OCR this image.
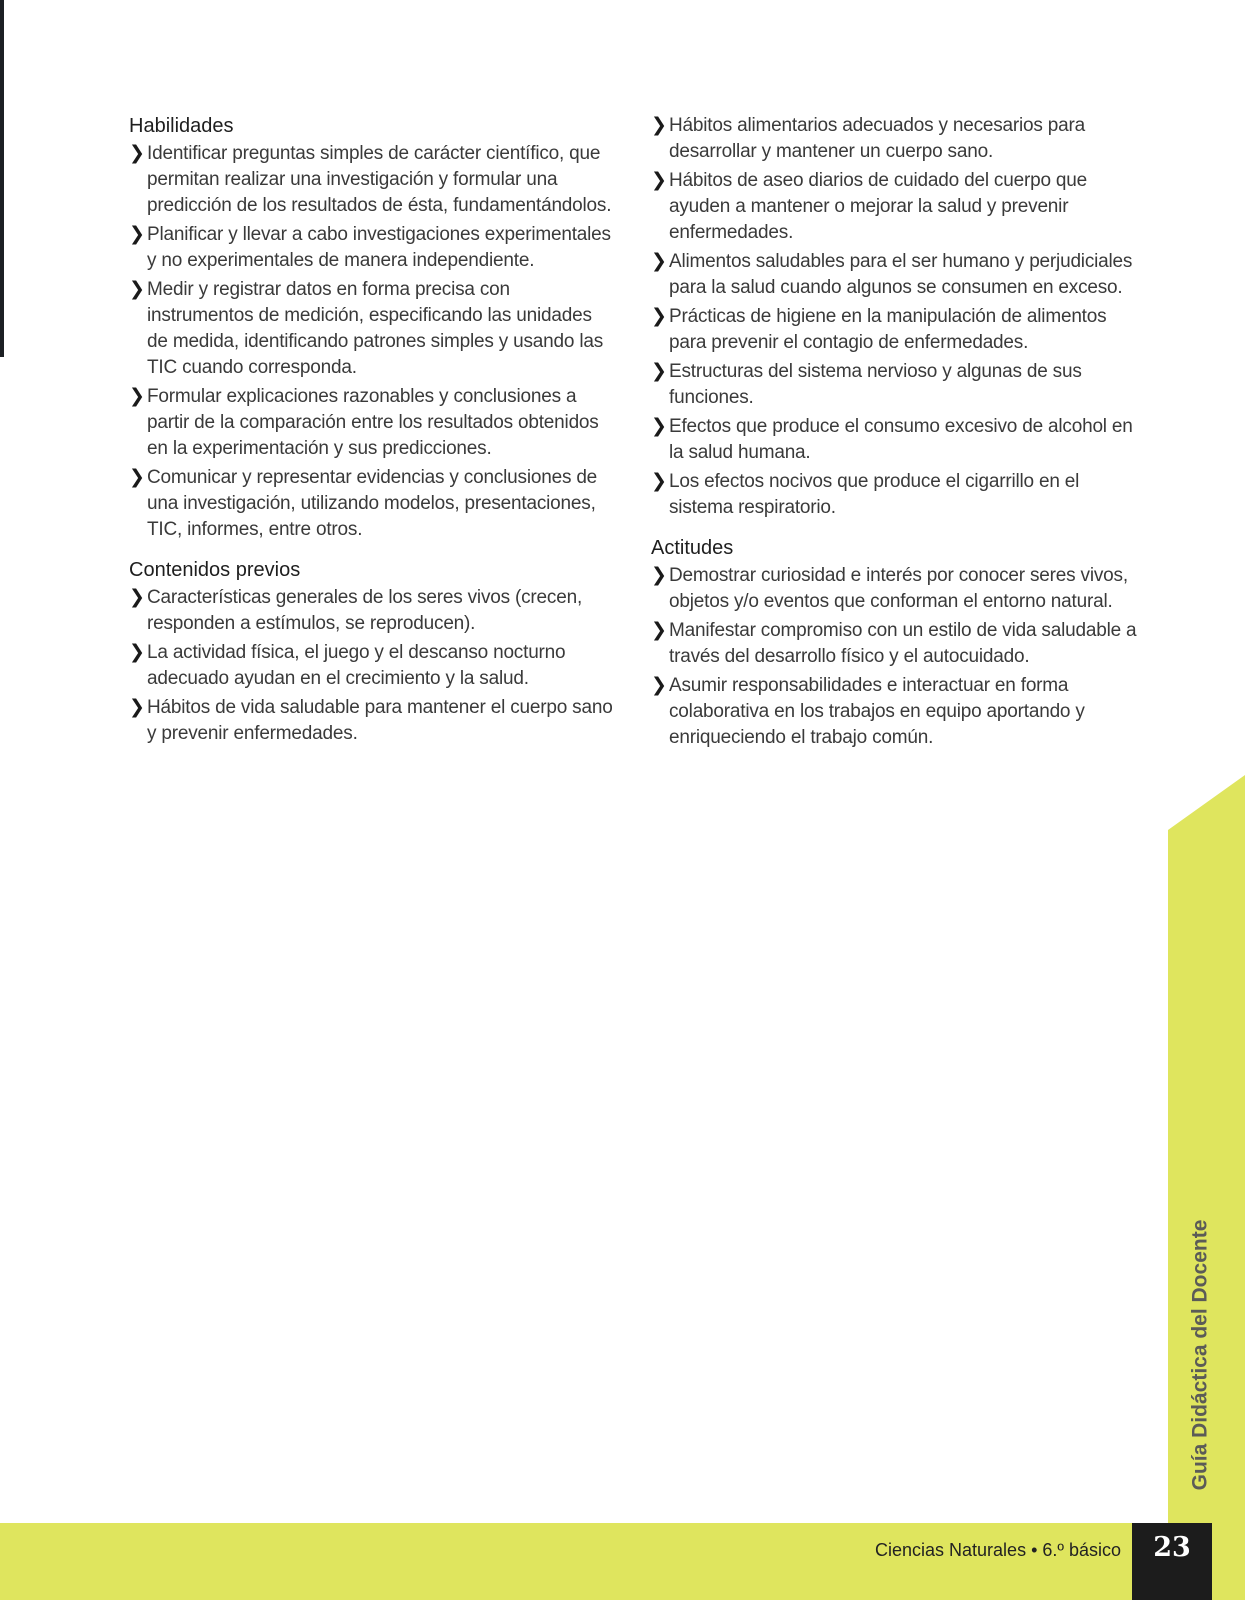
Habilidades
❯ Identificar preguntas simples de carácter científico, que permitan realizar una investigación y formular una predicción de los resultados de ésta, fundamentándolos.
❯ Planificar y llevar a cabo investigaciones experimentales y no experimentales de manera independiente.
❯ Medir y registrar datos en forma precisa con instrumentos de medición, especificando las unidades de medida, identificando patrones simples y usando las TIC cuando corresponda.
❯ Formular explicaciones razonables y conclusiones a partir de la comparación entre los resultados obtenidos en la experimentación y sus predicciones.
❯ Comunicar y representar evidencias y conclusiones de una investigación, utilizando modelos, presentaciones, TIC, informes, entre otros.
Contenidos previos
❯ Características generales de los seres vivos (crecen, responden a estímulos, se reproducen).
❯ La actividad física, el juego y el descanso nocturno adecuado ayudan en el crecimiento y la salud.
❯ Hábitos de vida saludable para mantener el cuerpo sano y prevenir enfermedades.
❯ Hábitos alimentarios adecuados y necesarios para desarrollar y mantener un cuerpo sano.
❯ Hábitos de aseo diarios de cuidado del cuerpo que ayuden a mantener o mejorar la salud y prevenir enfermedades.
❯ Alimentos saludables para el ser humano y perjudiciales para la salud cuando algunos se consumen en exceso.
❯ Prácticas de higiene en la manipulación de alimentos para prevenir el contagio de enfermedades.
❯ Estructuras del sistema nervioso y algunas de sus funciones.
❯ Efectos que produce el consumo excesivo de alcohol en la salud humana.
❯ Los efectos nocivos que produce el cigarrillo en el sistema respiratorio.
Actitudes
❯ Demostrar curiosidad e interés por conocer seres vivos, objetos y/o eventos que conforman el entorno natural.
❯ Manifestar compromiso con un estilo de vida saludable a través del desarrollo físico y el autocuidado.
❯ Asumir responsabilidades e interactuar en forma colaborativa en los trabajos en equipo aportando y enriqueciendo el trabajo común.
Guía Didáctica del Docente
Ciencias Naturales • 6.º básico 23
